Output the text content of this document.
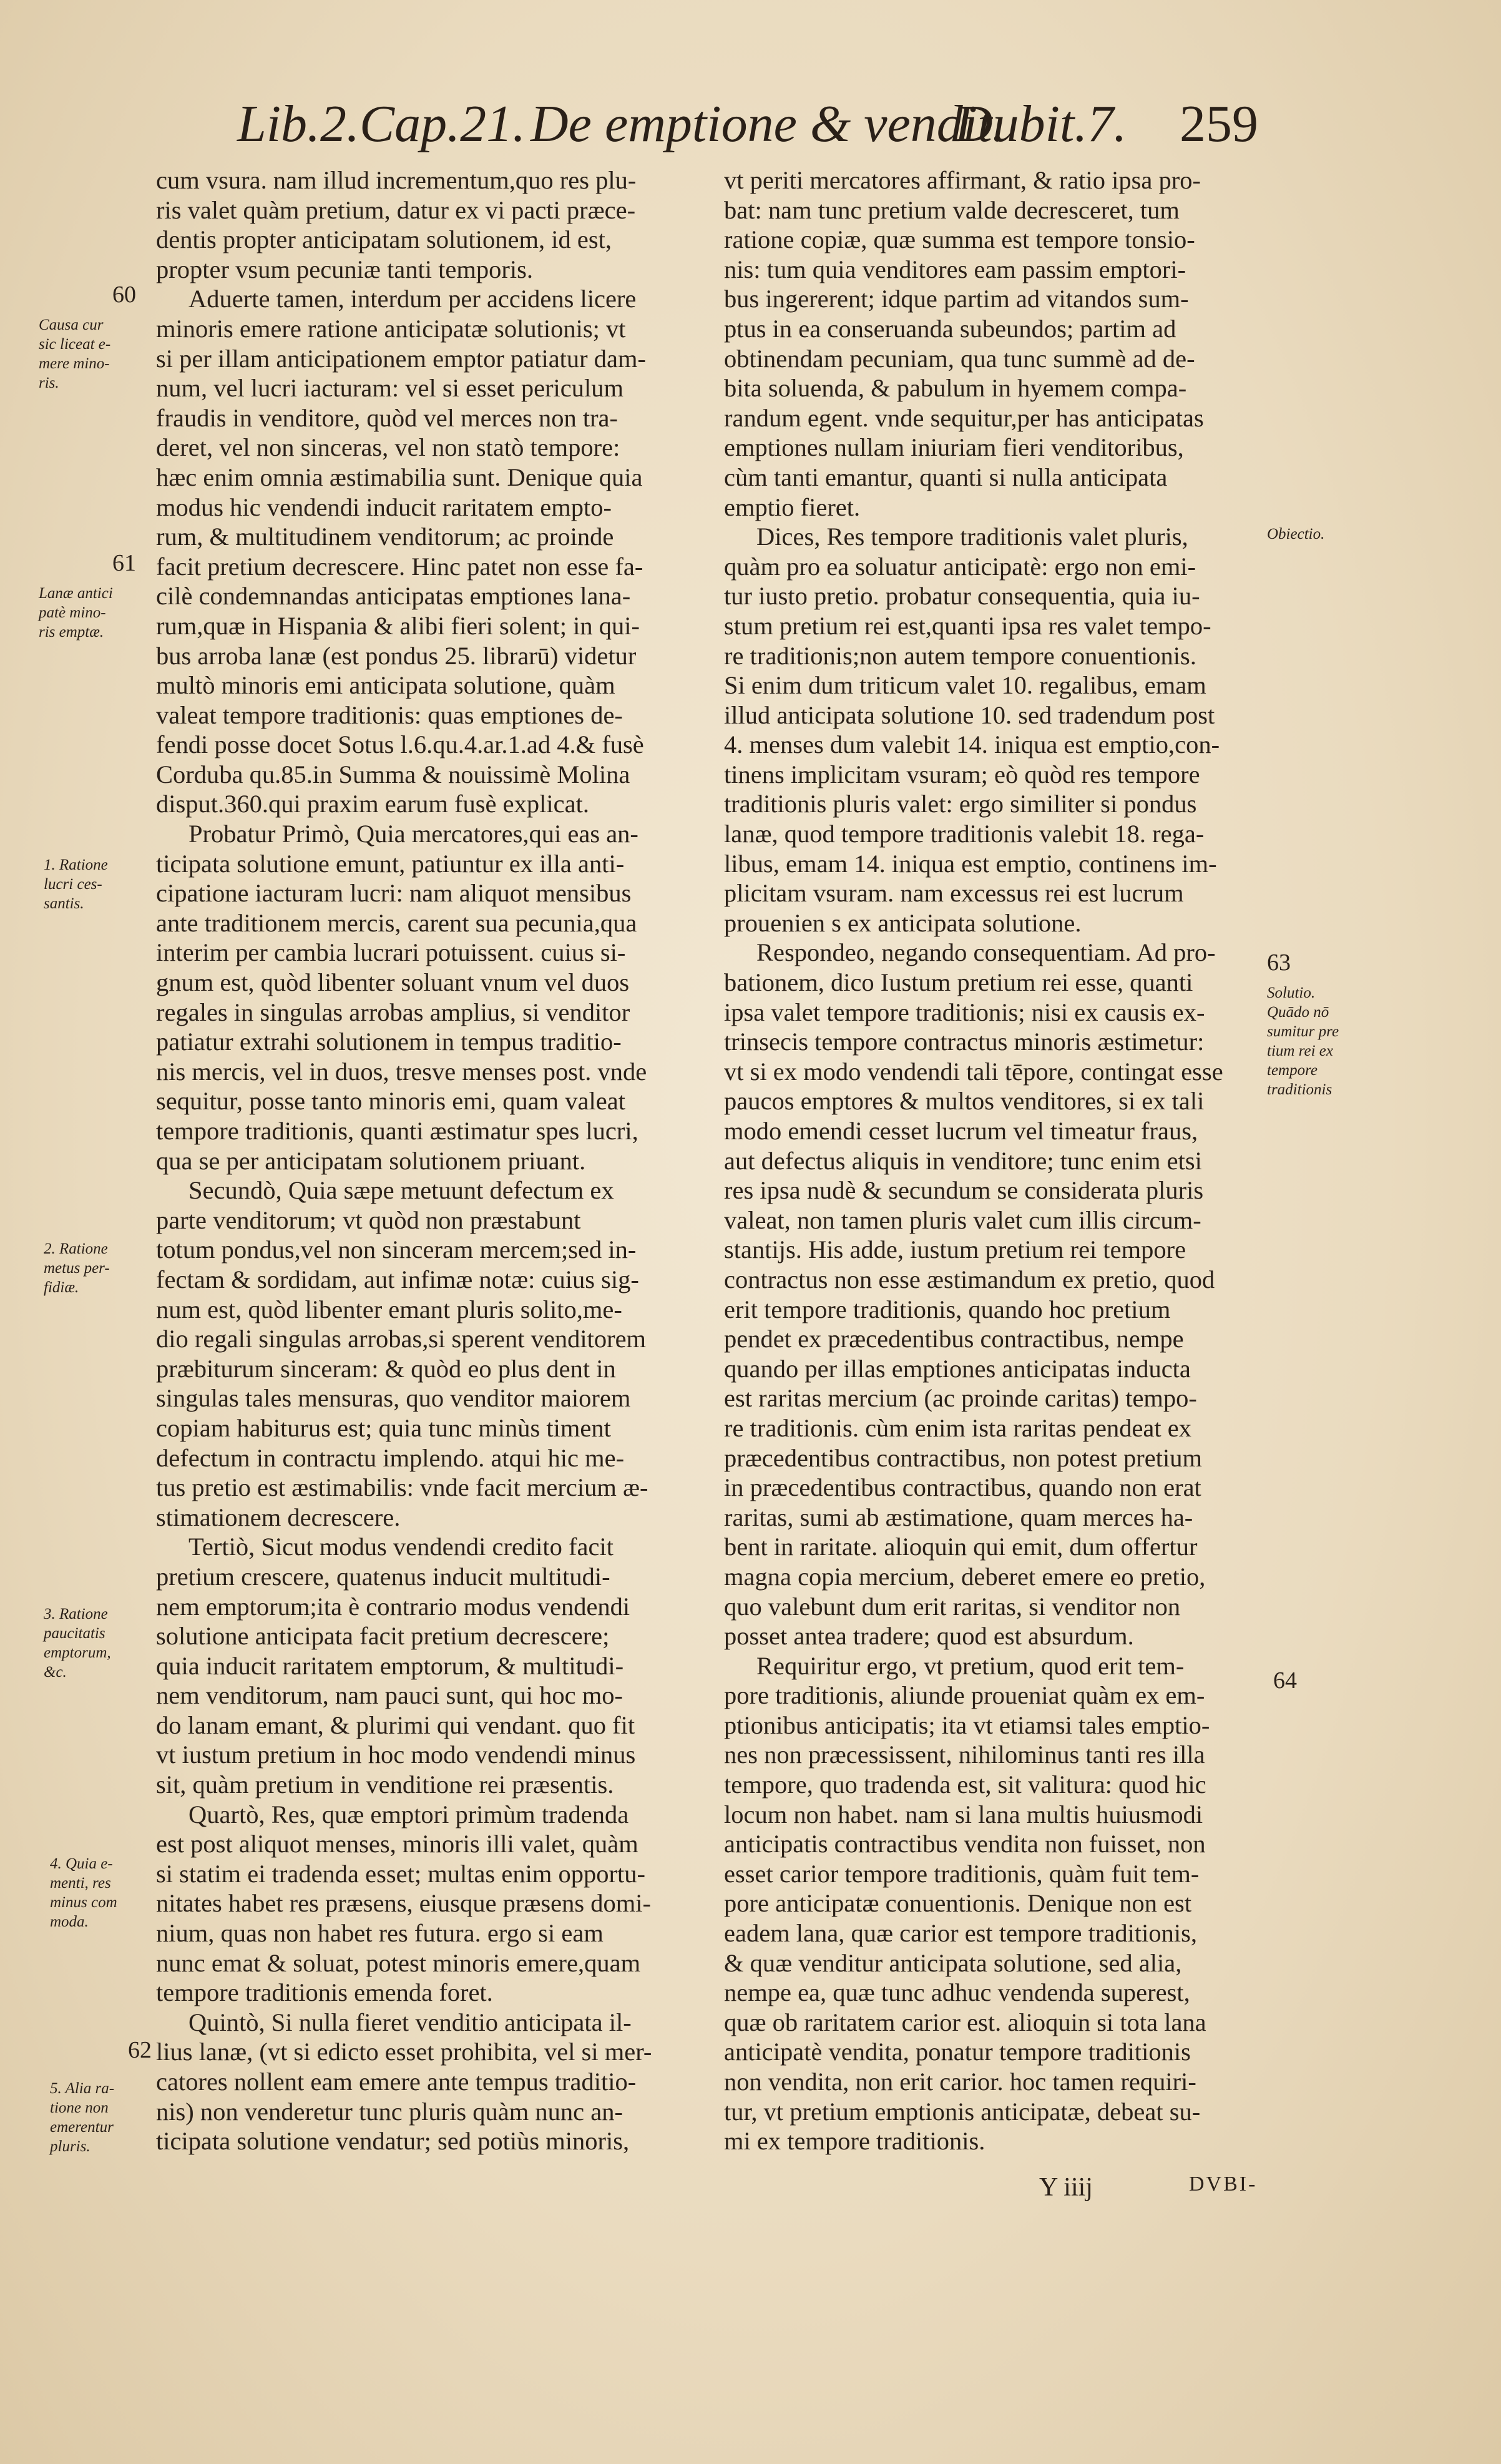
Lib.2.Cap.21. De emptione & vendit.
Dubit.7. 259
cum vsura. nam illud incrementum,quo res plu-
ris valet quàm pretium, datur ex vi pacti præce-
dentis propter anticipatam solutionem, id est,
propter vsum pecuniæ tanti temporis.
Aduerte tamen, interdum per accidens licere
minoris emere ratione anticipatæ solutionis; vt
si per illam anticipationem emptor patiatur dam-
num, vel lucri iacturam: vel si esset periculum
fraudis in venditore, quòd vel merces non tra-
deret, vel non sinceras, vel non statò tempore:
hæc enim omnia æstimabilia sunt. Denique quia
modus hic vendendi inducit raritatem empto-
rum, & multitudinem venditorum; ac proinde
facit pretium decrescere. Hinc patet non esse fa-
cilè condemnandas anticipatas emptiones lana-
rum,quæ in Hispania & alibi fieri solent; in qui-
bus arroba lanæ (est pondus 25. librarū) videtur
multò minoris emi anticipata solutione, quàm
valeat tempore traditionis: quas emptiones de-
fendi posse docet Sotus l.6.qu.4.ar.1.ad 4.& fusè
Corduba qu.85.in Summa & nouissimè Molina
disput.360.qui praxim earum fusè explicat.
Probatur Primò, Quia mercatores,qui eas an-
ticipata solutione emunt, patiuntur ex illa anti-
cipatione iacturam lucri: nam aliquot mensibus
ante traditionem mercis, carent sua pecunia,qua
interim per cambia lucrari potuissent. cuius si-
gnum est, quòd libenter soluant vnum vel duos
regales in singulas arrobas amplius, si venditor
patiatur extrahi solutionem in tempus traditio-
nis mercis, vel in duos, tresve menses post. vnde
sequitur, posse tanto minoris emi, quam valeat
tempore traditionis, quanti æstimatur spes lucri,
qua se per anticipatam solutionem priuant.
Secundò, Quia sæpe metuunt defectum ex
parte venditorum; vt quòd non præstabunt
totum pondus,vel non sinceram mercem;sed in-
fectam & sordidam, aut infimæ notæ: cuius sig-
num est, quòd libenter emant pluris solito,me-
dio regali singulas arrobas,si sperent venditorem
præbiturum sinceram: & quòd eo plus dent in
singulas tales mensuras, quo venditor maiorem
copiam habiturus est; quia tunc minùs timent
defectum in contractu implendo. atqui hic me-
tus pretio est æstimabilis: vnde facit mercium æ-
stimationem decrescere.
Tertiò, Sicut modus vendendi credito facit
pretium crescere, quatenus inducit multitudi-
nem emptorum;ita è contrario modus vendendi
solutione anticipata facit pretium decrescere;
quia inducit raritatem emptorum, & multitudi-
nem venditorum, nam pauci sunt, qui hoc mo-
do lanam emant, & plurimi qui vendant. quo fit
vt iustum pretium in hoc modo vendendi minus
sit, quàm pretium in venditione rei præsentis.
Quartò, Res, quæ emptori primùm tradenda
est post aliquot menses, minoris illi valet, quàm
si statim ei tradenda esset; multas enim opportu-
nitates habet res præsens, eiusque præsens domi-
nium, quas non habet res futura. ergo si eam
nunc emat & soluat, potest minoris emere,quam
tempore traditionis emenda foret.
Quintò, Si nulla fieret venditio anticipata il-
lius lanæ, (vt si edicto esset prohibita, vel si mer-
catores nollent eam emere ante tempus traditio-
nis) non venderetur tunc pluris quàm nunc an-
ticipata solutione vendatur; sed potiùs minoris,
vt periti mercatores affirmant, & ratio ipsa pro-
bat: nam tunc pretium valde decresceret, tum
ratione copiæ, quæ summa est tempore tonsio-
nis: tum quia venditores eam passim emptori-
bus ingererent; idque partim ad vitandos sum-
ptus in ea conseruanda subeundos; partim ad
obtinendam pecuniam, qua tunc summè ad de-
bita soluenda, & pabulum in hyemem compa-
randum egent. vnde sequitur,per has anticipatas
emptiones nullam iniuriam fieri venditoribus,
cùm tanti emantur, quanti si nulla anticipata
emptio fieret.
Dices, Res tempore traditionis valet pluris,
quàm pro ea soluatur anticipatè: ergo non emi-
tur iusto pretio. probatur consequentia, quia iu-
stum pretium rei est,quanti ipsa res valet tempo-
re traditionis;non autem tempore conuentionis.
Si enim dum triticum valet 10. regalibus, emam
illud anticipata solutione 10. sed tradendum post
4. menses dum valebit 14. iniqua est emptio,con-
tinens implicitam vsuram; eò quòd res tempore
traditionis pluris valet: ergo similiter si pondus
lanæ, quod tempore traditionis valebit 18. rega-
libus, emam 14. iniqua est emptio, continens im-
plicitam vsuram. nam excessus rei est lucrum
prouenien s ex anticipata solutione.
Respondeo, negando consequentiam. Ad pro-
bationem, dico Iustum pretium rei esse, quanti
ipsa valet tempore traditionis; nisi ex causis ex-
trinsecis tempore contractus minoris æstimetur:
vt si ex modo vendendi tali tēpore, contingat esse
paucos emptores & multos venditores, si ex tali
modo emendi cesset lucrum vel timeatur fraus,
aut defectus aliquis in venditore; tunc enim etsi
res ipsa nudè & secundum se considerata pluris
valeat, non tamen pluris valet cum illis circum-
stantijs. His adde, iustum pretium rei tempore
contractus non esse æstimandum ex pretio, quod
erit tempore traditionis, quando hoc pretium
pendet ex præcedentibus contractibus, nempe
quando per illas emptiones anticipatas inducta
est raritas mercium (ac proinde caritas) tempo-
re traditionis. cùm enim ista raritas pendeat ex
præcedentibus contractibus, non potest pretium
in præcedentibus contractibus, quando non erat
raritas, sumi ab æstimatione, quam merces ha-
bent in raritate. alioquin qui emit, dum offertur
magna copia mercium, deberet emere eo pretio,
quo valebunt dum erit raritas, si venditor non
posset antea tradere; quod est absurdum.
Requiritur ergo, vt pretium, quod erit tem-
pore traditionis, aliunde proueniat quàm ex em-
ptionibus anticipatis; ita vt etiamsi tales emptio-
nes non præcessissent, nihilominus tanti res illa
tempore, quo tradenda est, sit valitura: quod hic
locum non habet. nam si lana multis huiusmodi
anticipatis contractibus vendita non fuisset, non
esset carior tempore traditionis, quàm fuit tem-
pore anticipatæ conuentionis. Denique non est
eadem lana, quæ carior est tempore traditionis,
& quæ venditur anticipata solutione, sed alia,
nempe ea, quæ tunc adhuc vendenda superest,
quæ ob raritatem carior est. alioquin si tota lana
anticipatè vendita, ponatur tempore traditionis
non vendita, non erit carior. hoc tamen requiri-
tur, vt pretium emptionis anticipatæ, debeat su-
mi ex tempore traditionis.
60
Causa cur
sic liceat e-
mere mino-
ris.
61
Lanæ antici
patè mino-
ris emptæ.
1. Ratione
lucri ces-
santis.
2. Ratione
metus per-
fidiæ.
3. Ratione
paucitatis
emptorum,
&c.
4. Quia e-
menti, res
minus com
moda.
62
5. Alia ra-
tione non
emerentur
pluris.
Obiectio.
63
Solutio.
Quādo nō
sumitur pre
tium rei ex
tempore
traditionis
64
Y iiij	DVBI-
